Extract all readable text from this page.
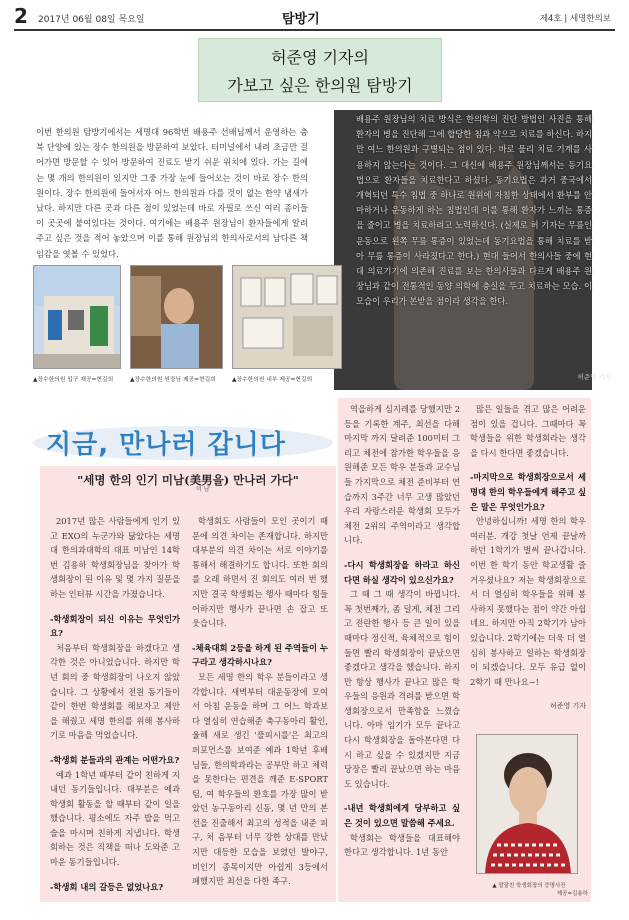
2 2017년 06월 08일 목요일	탐방기	제4호 | 세명한의보
허준영 기자의
가보고 싶은 한의원 탐방기
이번 한의원 탐방기에서는 세명대 96학번 배용주 선배님께서 운영하는 충북 단양에 있는 장수 한의원을 방문하여 보았다. 터미널에서 내려 조금만 걸어가면 방문할 수 있어 방문하여 진료도 받기 쉬운 위치에 있다. 가는 길에는 몇 개의 한의원이 있지만 그중 가장 눈에 들어오는 것이 바로 장수 한의원이다. 장수 한의원에 들어서자 어느 한의원과 다를 것이 없는 한약 냄새가 났다. 하지만 다른 곳과 다른 점이 있었는데 바로 자필로 쓰신 여러 종이들이 곳곳에 붙여있다는 것이다. 여기에는 배용주 원장님이 환자들에게 알려주고 싶은 것을 적어 놓았으며 이를 통해 원장님의 한의사로서의 남다른 책임감을 엿볼 수 있었다.
배용주 원장님의 치료 방식은 한의학의 진단 방법인 사진을 통해 환자의 병을 진단해 그에 합당한 침과 약으로 치료를 하신다. 하지만 여느 한의원과 구별되는 점이 있다. 바로 물리 치료 기계를 사용하지 않는다는 것이다. 그 대신에 배용주 원장님께서는 동기요법으로 환자들을 치료한다고 하셨다. 동기요법은 과거 중국에서 개혁되던 특수 침법 중 하나로 원위에 자침한 상태에서 환부를 안마하거나 운동하게 하는 침법인데 이를 통해 환자가 느끼는 통증을 줄이고 병을 치료하려고 노력하신다. (실제로 허 기자는 무릎인 운동으로 왼쪽 무릎 통증이 있었는데 동기요법을 통해 치료를 받아 무릎 통증이 사라졌다고 한다.) 현대 들어서 한의사들 중에 현대 의료기기에 의존해 진료를 보는 한의사들과 다르게 배용주 원장님과 같이 전통적인 동양 의학에 충실을 두고 치료하는 모습. 이 모습이 우리가 본받을 점이라 생각을 한다.
허준영 기자
▲장수한의원 입구 제공=현길희	▲장수한의원 원장님 제공=현길희	▲장수한의원 내부 제공=현길희
지금, 만나러 갑니다
"세명 한의 인기 미남(美男을) 만나러 가다"
미 남
2017년 많은 사람들에게 인기 있고 EXO의 누군가와 닮았다는 세명대 한의과대학의 대표 미남인 14학번 김용하 학생회장님을 찾아가 학생회장이 된 이유 및 몇 가지 질문을 하는 인터뷰 시간을 가졌습니다.
-학생회장이 되신 이유는 무엇인가요?
처음부터 학생회장을 하겠다고 생각한 것은 아니었습니다. 하지만 학년 회의 중 학생회장이 나오지 않았습니다. 그 상황에서 전원 동기들이 같이 한번 학생회를 해보자고 제안을 해줬고 세명 한의를 위해 봉사하기로 마음을 먹었습니다.
-학생회 분들과의 관계는 어떤가요?
예과 1학년 때부터 같이 친하게 지내던 동기들입니다. 대부분은 예과학생회 활동을 할 때부터 같이 일을 했습니다. 평소에도 자주 밥을 먹고 술을 마시며 친하게 지냅니다. 학생회하는 것은 직책을 떠나 도와준 고마운 동기들입니다.
-학생회 내의 갈등은 없었나요?
학생회도 사람들이 모인 곳이기 때문에 의견 차이는 존재합니다. 하지만 대부분의 의견 차이는 서로 이야기를 통해서 해결하기도 합니다. 또한 회의를 오래 하면서 진 회의도 여러 번 했지만 결국 학생회는 행사 때마다 힘들어하지만 행사가 끝나면 손 잡고 또 웃습니다.
-체육대회 2등을 하게 된 주역들이 누구라고 생각하시나요?
모든 세명 한의 학우 분들이라고 생각합니다. 새벽부터 대운동장에 모여서 아침 운동을 하며 그 어느 학과보다 열심히 연습해준 축구동아리 활인, 울해 새로 생긴 '풀피시를'은 최고의 퍼포먼스를 보여준 예과 1학년 후배님들, 한의학과라는 공부만 하고 체력을 못한다는 편견을 깨준 E-SPORT팀, 여 학우들의 환호를 가장 많이 받았던 농구동아리 신동, 몇 년 만의 본선을 진출해서 최고의 성적을 내준 피구, 처 음부터 너무 강한 상대를 만났지만 대등한 모습을 보였던 발야구, 비인기 종목이지만 아쉽게 3등에서 패했지만 최선을 다한 족구.
역을하게 심지레를 당했지만 2등을 기록한 계주, 최선을 다해 마지막 까지 달려준 100미터 그리고 체전에 참가한 학우들을 응원해준 모든 학우 분들과 교수님들 가지막으로 체전 준비부터 연습까지 3주간 너무 고생 많았던 우리 자랑스러운 학생회 모두가 체전 2위의 주역이라고 생각합니다.
-다시 학생회장을 하라고 하신다면 하실 생각이 있으신가요?
그 때 그 때 생각이 바뀝니다. 꼭 첫번째가, 좀 덜게, 체전 그리고 전란한 행사 등 큰 일이 있을 때마다 정신적, 육체적으로 힘이 들면 빨리 학생회장이 끝났으면 좋겠다고 생각을 했습니다. 하지만 항상 행사가 끝나고 많은 학우들의 응원과 격려를 받으면 학생회장으로서 만족함을 느꼈습니다. 아마 임기가 모두 끝나고 다시 학생회장을 돌아본다면 다시 하고 싶을 수 있겠지만 지금 당장은 빨리 끝났으면 하는 마음도 있습니다.
-내년 학생회에게 당부하고 싶은 것이 있으면 말씀해 주세요.
학생회는 학생들을 대표해야 한다고 생각합니다. 1년 동안
많은 일들을 겪고 많은 어려운 점이 있을 겁니다. 그때마다 꼭 학생들을 위한 학생회라는 생각을 다시 한다면 좋겠습니다.
-마지막으로 학생회장으로서 세명대 한의 학우들에게 해주고 싶은 말은 무엇인가요?
안녕하십니까! 세명 한의 학우 여러분. 개강 첫날 언제 끝날까 하던 1학기가 벌써 끝나갑니다. 이번 한 학기 동안 학교생활 즐거우셨나요? 저는 학생회장으로서 더 열심히 학우들을 위해 봉사하지 못했다는 점이 약간 아쉽네요. 하지만 아직 2학기가 남아 있습니다. 2학기에는 더욱 더 열심히 봉사하고 일하는 학생회장이 되겠습니다. 모두 유급 없이 2학기 때 만나요~!
허준영 기자
▲ 말잘친 학생회장의 증명사진
제공=김용하
